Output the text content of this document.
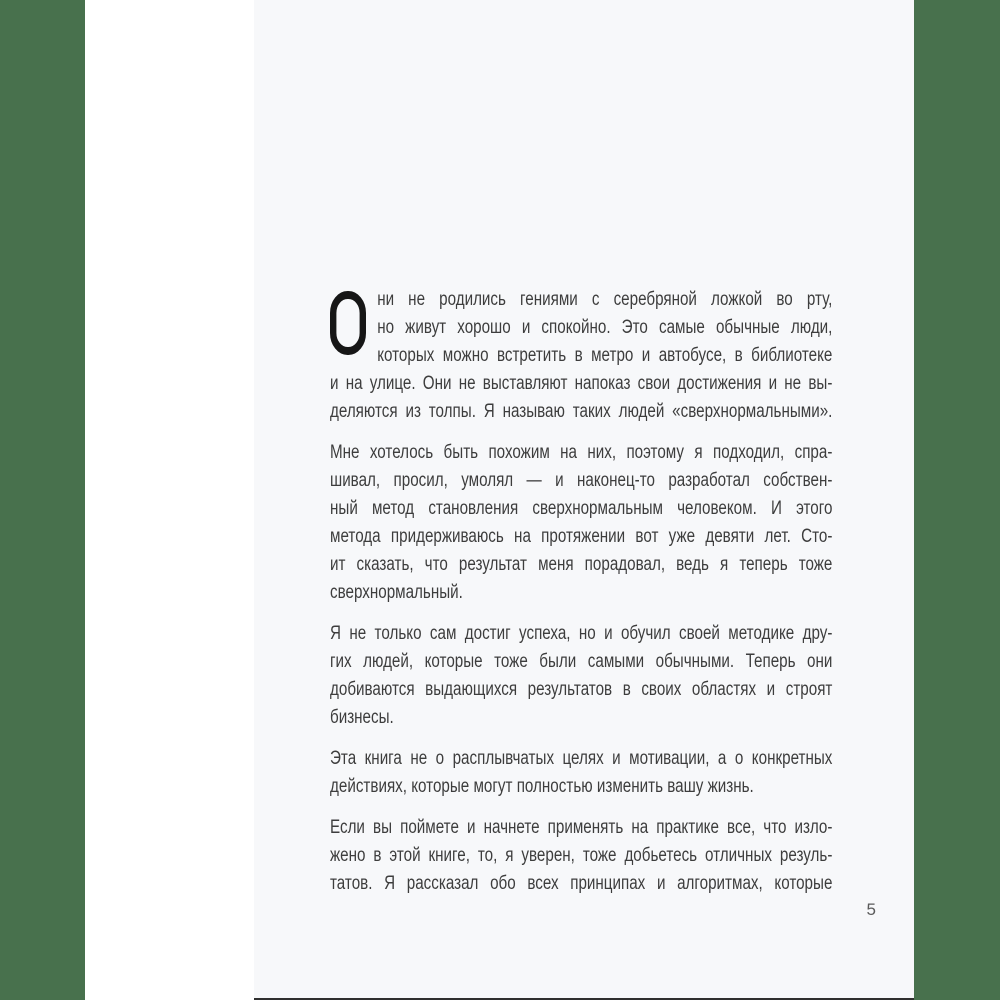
ни не родились гениями с серебряной ложкой во рту,
но живут хорошо и спокойно. Это самые обычные люди,
которых можно встретить в метро и автобусе, в библиотеке
и на улице. Они не выставляют напоказ свои достижения и не вы-
деляются из толпы. Я называю таких людей «сверхнормальными».
Мне хотелось быть похожим на них, поэтому я подходил, спра-
шивал, просил, умолял — и наконец-то разработал собствен-
ный метод становления сверхнормальным человеком. И этого
метода придерживаюсь на протяжении вот уже девяти лет. Сто-
ит сказать, что результат меня порадовал, ведь я теперь тоже
сверхнормальный.
Я не только сам достиг успеха, но и обучил своей методике дру-
гих людей, которые тоже были самыми обычными. Теперь они
добиваются выдающихся результатов в своих областях и строят
бизнесы.
Эта книга не о расплывчатых целях и мотивации, а о конкретных
действиях, которые могут полностью изменить вашу жизнь.
Если вы поймете и начнете применять на практике все, что изло-
жено в этой книге, то, я уверен, тоже добьетесь отличных резуль-
татов. Я рассказал обо всех принципах и алгоритмах, которые
5
